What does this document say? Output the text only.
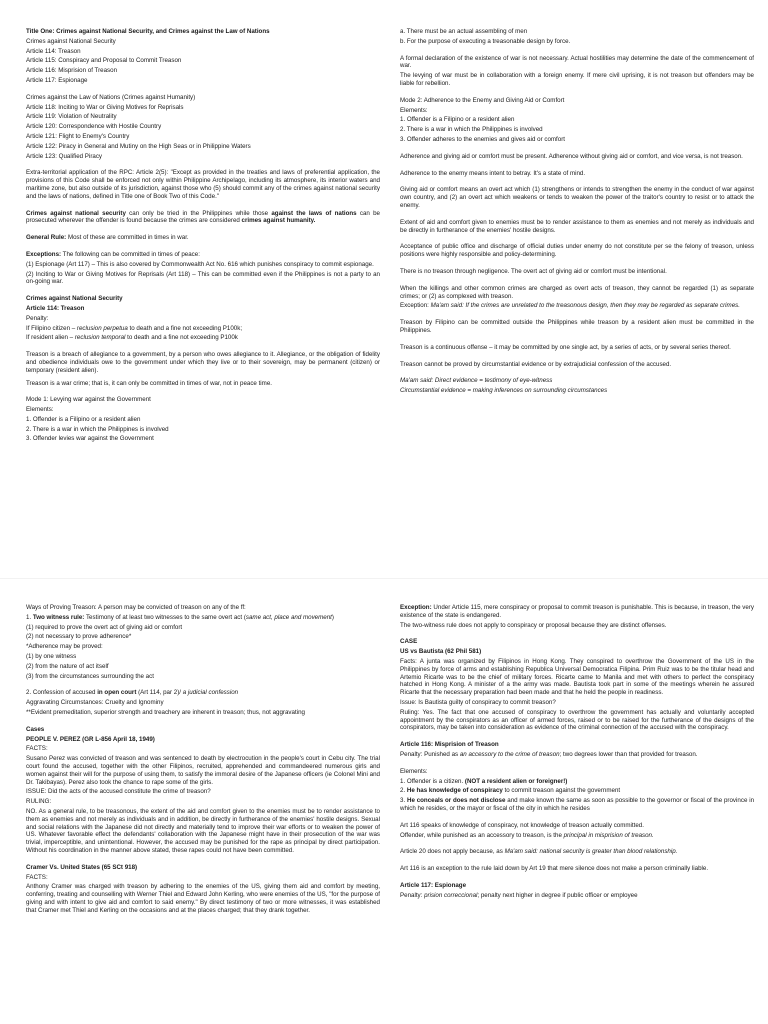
Title One: Crimes against National Security, and Crimes against the Law of Nations

Crimes against National Security

Article 114: Treason

Article 115: Conspiracy and Proposal to Commit Treason

Article 116: Misprision of Treason

Article 117: Espionage

Crimes against the Law of Nations (Crimes against Humanity)

Article 118: Inciting to War or Giving Motives for Reprisals

Article 119: Violation of Neutrality

Article 120: Correspondence with Hostile Country

Article 121: Flight to Enemy's Country

Article 122: Piracy in General and Mutiny on the High Seas or in Philippine Waters

Article 123: Qualified Piracy

Extra-territorial application of the RPC: Article 2(5): "Except as provided in the treaties and laws of preferential application, the provisions of this Code shall be enforced not only within Philippine Archipelago, including its atmosphere, its interior waters and maritime zone, but also outside of its jurisdiction, against those who (5) should commit any of the crimes against national security and the laws of nations, defined in Title one of Book Two of this Code."

Crimes against national security can only be tried in the Philippines while those against the laws of nations can be prosecuted wherever the offender is found because the crimes are considered crimes against humanity.

General Rule: Most of these are committed in times in war.

Exceptions: The following can be committed in times of peace:

(1) Espionage (Art 117) – This is also covered by Commonwealth Act No. 616 which punishes conspiracy to commit espionage.

(2) Inciting to War or Giving Motives for Reprisals (Art 118) – This can be committed even if the Philippines is not a party to an on-going war.

Crimes against National Security

Article 114: Treason

Penalty:

If Filipino citizen – reclusion perpetua to death and a fine not exceeding P100k;

If resident alien – reclusion temporal to death and a fine not exceeding P100k

Treason is a breach of allegiance to a government, by a person who owes allegiance to it. Allegiance, or the obligation of fidelity and obedience individuals owe to the government under which they live or to their sovereign, may be permanent (citizen) or temporary (resident alien).

Treason is a war crime; that is, it can only be committed in times of war, not in peace time.

Mode 1: Levying war against the Government

Elements:

1. Offender is a Filipino or a resident alien

2. There is a war in which the Philippines is involved

3. Offender levies war against the Government

a. There must be an actual assembling of men

b. For the purpose of executing a treasonable design by force.

A formal declaration of the existence of war is not necessary. Actual hostilities may determine the date of the commencement of war.

The levying of war must be in collaboration with a foreign enemy. If mere civil uprising, it is not treason but offenders may be liable for rebellion.

Mode 2: Adherence to the Enemy and Giving Aid or Comfort

Elements:

1. Offender is a Filipino or a resident alien

2. There is a war in which the Philippines is involved

3. Offender adheres to the enemies and gives aid or comfort

Adherence and giving aid or comfort must be present. Adherence without giving aid or comfort, and vice versa, is not treason.

Adherence to the enemy means intent to betray. It's a state of mind.

Giving aid or comfort means an overt act which (1) strengthens or intends to strengthen the enemy in the conduct of war against own country, and (2) an overt act which weakens or tends to weaken the power of the traitor's country to resist or to attack the enemy.

Extent of aid and comfort given to enemies must be to render assistance to them as enemies and not merely as individuals and be directly in furtherance of the enemies' hostile designs.

Acceptance of public office and discharge of official duties under enemy do not constitute per se the felony of treason, unless positions were highly responsible and policy-determining.

There is no treason through negligence. The overt act of giving aid or comfort must be intentional.

When the killings and other common crimes are charged as overt acts of treason, they cannot be regarded (1) as separate crimes; or (2) as complexed with treason.

Exception: Ma'am said: If the crimes are unrelated to the treasonous design, then they may be regarded as separate crimes.

Treason by Filipino can be committed outside the Philippines while treason by a resident alien must be committed in the Philippines.

Treason is a continuous offense – it may be committed by one single act, by a series of acts, or by several series thereof.

Treason cannot be proved by circumstantial evidence or by extrajudicial confession of the accused.

Ma'am said: Direct evidence = testimony of eye-witness

Circumstantial evidence = making inferences on surrounding circumstances

Ways of Proving Treason: A person may be convicted of treason on any of the ff:

1. Two witness rule: Testimony of at least two witnesses to the same overt act (same act, place and movement)

(1) required to prove the overt act of giving aid or comfort

(2) not necessary to prove adherence*

*Adherence may be proved:

(1) by one witness

(2) from the nature of act itself

(3) from the circumstances surrounding the act

2. Confession of accused in open court (Art 114, par 2)/ a judicial confession

Aggravating Circumstances: Cruelty and Ignominy

**Evident premeditation, superior strength and treachery are inherent in treason; thus, not aggravating

Cases

PEOPLE V. PEREZ (GR L-856 April 18, 1949)

FACTS:

Susano Perez was convicted of treason and was sentenced to death by electrocution in the people's court in Cebu city. The trial court found the accused, together with the other Filipinos, recruited, apprehended and commandeered numerous girls and women against their will for the purpose of using them, to satisfy the immoral desire of the Japanese officers (ie Colonel Mini and Dr. Takibayas). Perez also took the chance to rape some of the girls.

ISSUE: Did the acts of the accused constitute the crime of treason?

RULING:

NO. As a general rule, to be treasonous, the extent of the aid and comfort given to the enemies must be to render assistance to them as enemies and not merely as individuals and in addition, be directly in furtherance of the enemies' hostile designs. Sexual and social relations with the Japanese did not directly and materially tend to improve their war efforts or to weaken the power of US. Whatever favorable effect the defendants' collaboration with the Japanese might have in their prosecution of the war was trivial, imperceptible, and unintentional. However, the accused may be punished for the rape as principal by direct participation. Without his coordination in the manner above stated, these rapes could not have been committed.

Cramer Vs. United States (65 SCt 918)

FACTS:

Anthony Cramer was charged with treason by adhering to the enemies of the US, giving them aid and comfort by meeting, conferring, treating and counselling with Werner Thiel and Edward John Kerling, who were enemies of the US, "for the purpose of giving and with intent to give aid and comfort to said enemy." By direct testimony of two or more witnesses, it was established that Cramer met Thiel and Kerling on the occasions and at the places charged; that they drank together.

Exception: Under Article 115, mere conspiracy or proposal to commit treason is punishable. This is because, in treason, the very existence of the state is endangered.

The two-witness rule does not apply to conspiracy or proposal because they are distinct offenses.

CASE

US vs Bautista (62 Phil 581)

Facts: A junta was organized by Filipinos in Hong Kong. They conspired to overthrow the Government of the US in the Philippines by force of arms and establishing Republica Universal Democratica Filipina. Prim Ruiz was to be the titular head and Artemio Ricarte was to be the chief of military forces. Ricarte came to Manila and met with others to perfect the conspiracy hatched in Hong Kong. A minister of a the army was made. Bautista took part in some of the meetings wherein he assured Ricarte that the necessary preparation had been made and that he held the people in readiness.

Issue: Is Bautista guilty of conspiracy to commit treason?

Ruling: Yes. The fact that one accused of conspiracy to overthrow the government has actually and voluntarily accepted appointment by the conspirators as an officer of armed forces, raised or to be raised for the furtherance of the designs of the conspirators, may be taken into consideration as evidence of the criminal connection of the accused with the conspiracy.

Article 116: Misprision of Treason

Penalty: Punished as an accessory to the crime of treason; two degrees lower than that provided for treason.

Elements:

1. Offender is a citizen. (NOT a resident alien or foreigner!)

2. He has knowledge of conspiracy to commit treason against the government

3. He conceals or does not disclose and make known the same as soon as possible to the governor or fiscal of the province in which he resides, or the mayor or fiscal of the city in which he resides

Art 116 speaks of knowledge of conspiracy, not knowledge of treason actually committed.

Offender, while punished as an accessory to treason, is the principal in misprision of treason.

Article 20 does not apply because, as Ma'am said: national security is greater than blood relationship.

Art 116 is an exception to the rule laid down by Art 19 that mere silence does not make a person criminally liable.

Article 117: Espionage

Penalty: prision correccional; penalty next higher in degree if public officer or employee
